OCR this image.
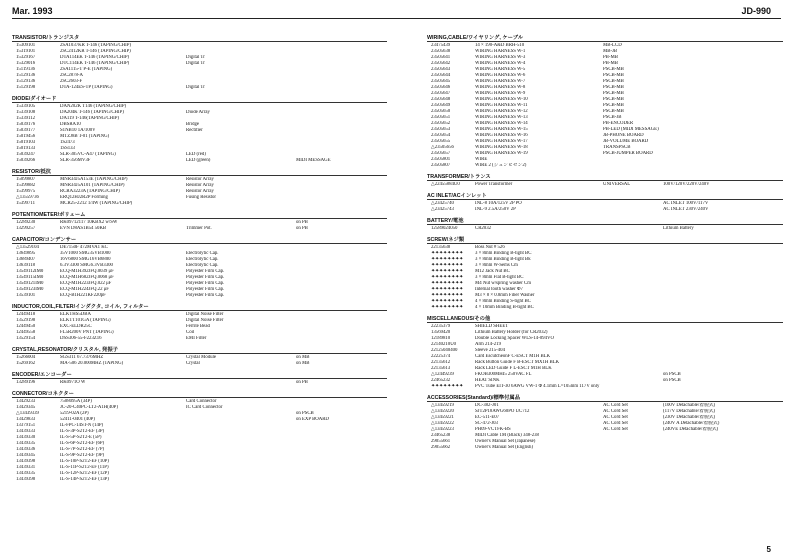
Mar. 1993	JD-990
TRANSISTOR/トランジスタ
15309101	2SA1037KR T-146 (TAPING/CHIP)
15319101	2SC2412KR T-146 (TAPING/CHIP)
15329167	DTA114EK T-146 (TAPING/CHIP)	Digital Tr
15329016	DTC114EK T-146 (TAPING/CHIP)	Digital Tr
15119136	2SA1115-T P-E (TAPING)
15129136	2SC2878-A
15129136	2SC2603-F
15129198	DTA-124ES-TP (TAPING)	Digital Tr
DIODE/ダイオード
15339105	DAN202K T146 (TAPING/CHIP)
15339108	DA204K T-146 (TAPING/CHIP)	Diode Array
15339112	DA119 T-146(TAPING/CHIP)
15039176	DBSRA10	Bridge
15039177	S1NB10 1A/100V	Rectifier
15019456	MTZJ8B T-01 (TAPING)
15019103	1S2473
15019133	1SS133
15039247	SLR-305VC-A47 (TAPING)	LED (red)
15039266	SLR-356MV3F	LED (green)	MIDI MESSAGE
RESISTOR/抵抗
15099807	MNR34J5A153E (TAPING/CHIP)	Resistor Array
15399882	MNR34J5A101 (TAPING/CHIP)	Resistor Array
15399975	RCRA3223A (TAPING/CHIP)	Resistor Array
△13559736	ERQ12HJ2R2P Forming	Fusing Resistor
15399711	MCR25-2212 1/4W (TAPING/CHIP)
POTENTIOMETER/ボリューム
12289230	RK09712117 10KBX2 w/SW	on PB
13299257	EVN D8AS1B54 50KB	Trimmer Pot.	on PB
CAPACITOR/コンデンサー
△13529104	DE7150F 472MVA1 KC
13649895	35V1000 SMG35VB1000	Electrolytic Cap.
13689407	16V6800 SMG16VB6800	Electrolytic Cap.
13639118	6.3V3300 SMG6.3VB3300	Electrolytic Cap.
13549112IM0	ECQ-M1H392JFQ.0039 μF	Polyester Film Cap.
13549115IM0	ECQ-M1H682JFQ.0068 μF	Polyester Film Cap.
13549121IM0	ECQ-M1H223JFQ.022 μF	Polyester Film Cap.
13549123IM0	ECQ-M1H224JFQ.22 μF	Polyester Film Cap.
13539101	ECQ-B1H221KF220pF	Polyester Film Cap.
INDUCTOR,COIL,FILTER/インダクタ, コイル, フィルター
12449418	ELKTHS5DBA	Digital Noise Filter
13529198	ELKTT101GA (TAPING)	Digital Noise Filter
12449450	EXC-ELDR25C	Ferrite Bead
12449558	FL5R200V PNT (TAPING)	Coil
13529154	DSS306-55-F223Z16	EMI Filter
CRYSTAL,RESONATOR/クリスタル, 発振子
15266004	SGS311 67.7376MHZ	Crystal Module	on MB
15269162	MA-506 20.000MHZ (TAPING)	Crystal	on MB
ENCODER/エンコーダー
13289196	RK0971O W	on PB
CONNECTOR/コネクター
13429233	7508095A (34P)	Card Connector
13429345	JC-20-C40PC-LT2-A1H(40P)	IC Card Connector
△13439339	5219-02A (2P)	on PSCB
13429833	52411-0401 (40P)	on EXP BOARD
13379151	IL-FPC-14ST-N (14P)
13439333	IL-S-3P-S2T2-EF (3P)
13439330	IL-S-5P-S2T2-E (5P)
13439335	IL-S-6P-S2T2-EF (6P)
13439336	IL-S-7P-S2T2-EF (7P)
13439345	IL-S-9P-S2T2-EF (9P)
13439398	IL-S-10P-S2T2-EF (10P)
13439331	IL-S-11P-S2T2-EF (11P)
13439335	IL-S-12P-S2T2-EF (12P)
13439398	IL-S-14P-S2T2-EF (13P)
WIRING,CABLE/ワイヤリング, ケーブル
23475439	14 × 190-A&D BRH-510	MB-LCD
23505638	WIRING HARNESS W-1	MB-JB
23505641	WIRING HARNESS W-3	PB-MB
23505642	WIRING HARNESS W-4	PB-MB
23505643	WIRING HARNESS W-5	PSCB-MB
23505644	WIRING HARNESS W-6	PSCB-MB
23505645	WIRING HARNESS W-7	PSCB-MB
23505646	WIRING HARNESS W-8	PSCB-MB
23505647	WIRING HARNESS W-9	PSCB-MB
23505648	WIRING HARNESS W-10	PSCB-MB
23505649	WIRING HARNESS W-11	PSCB-MB
23505650	WIRING HARNESS W-12	PSCB-MB
23505651	WIRING HARNESS W-13	PSCB-JB
23505652	WIRING HARNESS W-14	PB-ENCODER
23505653	WIRING HARNESS W-15	PB-LED (MIDI MESSAGE)
23505654	WIRING HARNESS W-16	JB-PHONE BOARD
23505655	WIRING HARNESS W-17	JB-VOLUME BOARD
△23505656	WIRING HARNESS W-18	TRANSPSCB
23505657	WIRING HARNESS W-19	PSCB-JUMPER BOARD
23505801	WIRE
23505807	WIRE 2 (ジュンビセン2)
TRANSFORMER/トランス
△22455884U0	Power Transformer	UNIVERSAL	100V/120V/220V/240V
AC INLET/ACインレット
△23425740	INL-8 10A/125V 2P PO	AC INLET 100V/117V
△23425743	INL-9 2.5A/250V 2P	AC INLET 230V/240V
BATTERY/電池
12589024050	CR2032	Lithium Battery
SCREW/ネジ類
22135638	Boss Nut # 526
✦✦✦✦✦✦✦✦	3 × 8mm Binding B-tight BC
✦✦✦✦✦✦✦✦	3 × 8mm Binding B-tight Bk
✦✦✦✦✦✦✦✦	3 × 8mm W-Sems Cm
✦✦✦✦✦✦✦✦	M12 Jack Nut BC
✦✦✦✦✦✦✦✦	3 × 8mm Flat B-tight BC
✦✦✦✦✦✦✦✦	M4 Nut w/spring washer Cm
✦✦✦✦✦✦✦✦	Internal tooth washer Φ7
✦✦✦✦✦✦✦✦	M3 × 8 × 0.8mm Fiber Washer
✦✦✦✦✦✦✦✦	4 × 8mm Binding S-tight BC
✦✦✦✦✦✦✦✦	4 × 10mm Binding B-tight BC
MISCELLANEOUS/その他
22235379	SHIELD SHEET
13569420	Lithium Battery Holder (for CR2032)
12189810	Double Locking Spacer WLS-14-094VO
22140210U0	Arm 214-219
22125040400	Sleeve 215-404
22225374	Card EscutcheonF C-ESCT M1H BLK
22135612	Rack Button Guide F B-ESCT MX1H BLK
22135613	Rack LED Guide F L-ESCT M1H BLK
△12449239	FKOB300MHI5 250VAC FL	on PSCB
22465232	HEAT SINK	on PSCB
✦✦✦✦✦✦✦✦	PVC Tube EIT-30 6AWG VW-1 Φ 4.1mm L=105mm 117V only
ACCESSORIES(Standard)/標準付属品
△13459219	DC-382-J01	AC Cord Set	(100V Detachable/着脱式)
△13459220	SJT2P18AWG60PO UC712	AC Cord Set	(117V Detachable/着脱式)
△13459221	EC-511-E07	AC Cord Set	(230V Detachable/着脱式)
△13459222	SC-472-J03	AC Cord Set	(240V A Detachable/着脱式)
△13459223	PH09-VCTFK-BS	AC Cord Set	(240VE Detachable/着脱式)
23465238	MIDI Cable 1M (Black) 348-238
29055661	Owner's Manual Set (Japanese)
29055662	Owner's Manual Set (English)
5
